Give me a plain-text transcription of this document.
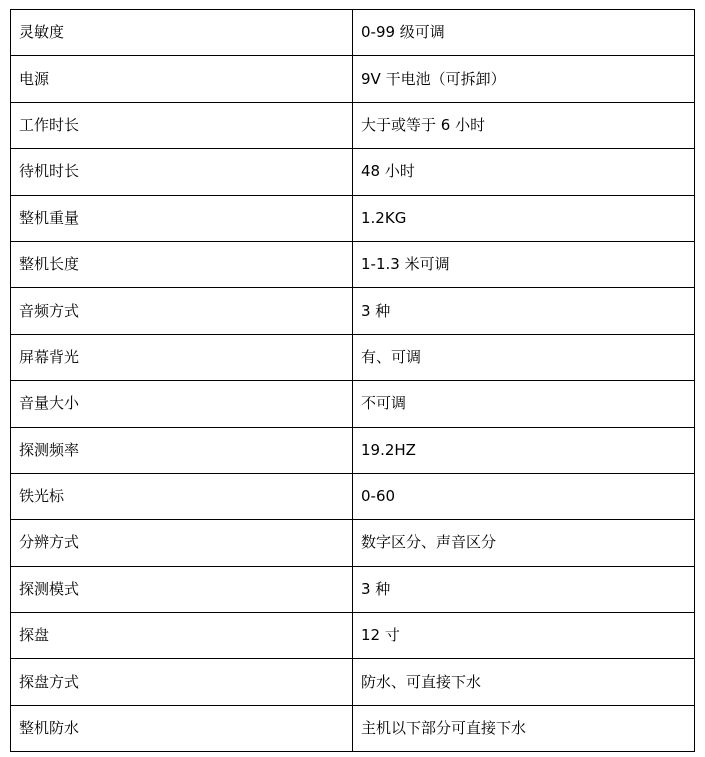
灵敏度	0-99 级可调
电源	9V 干电池（可拆卸）
工作时长	大于或等于 6 小时
待机时长	48 小时
整机重量	1.2KG
整机长度	1-1.3 米可调
音频方式	3 种
屏幕背光	有、可调
音量大小	不可调
探测频率	19.2HZ
铁光标	0-60
分辨方式	数字区分、声音区分
探测模式	3 种
探盘	12 寸
探盘方式	防水、可直接下水
整机防水	主机以下部分可直接下水
